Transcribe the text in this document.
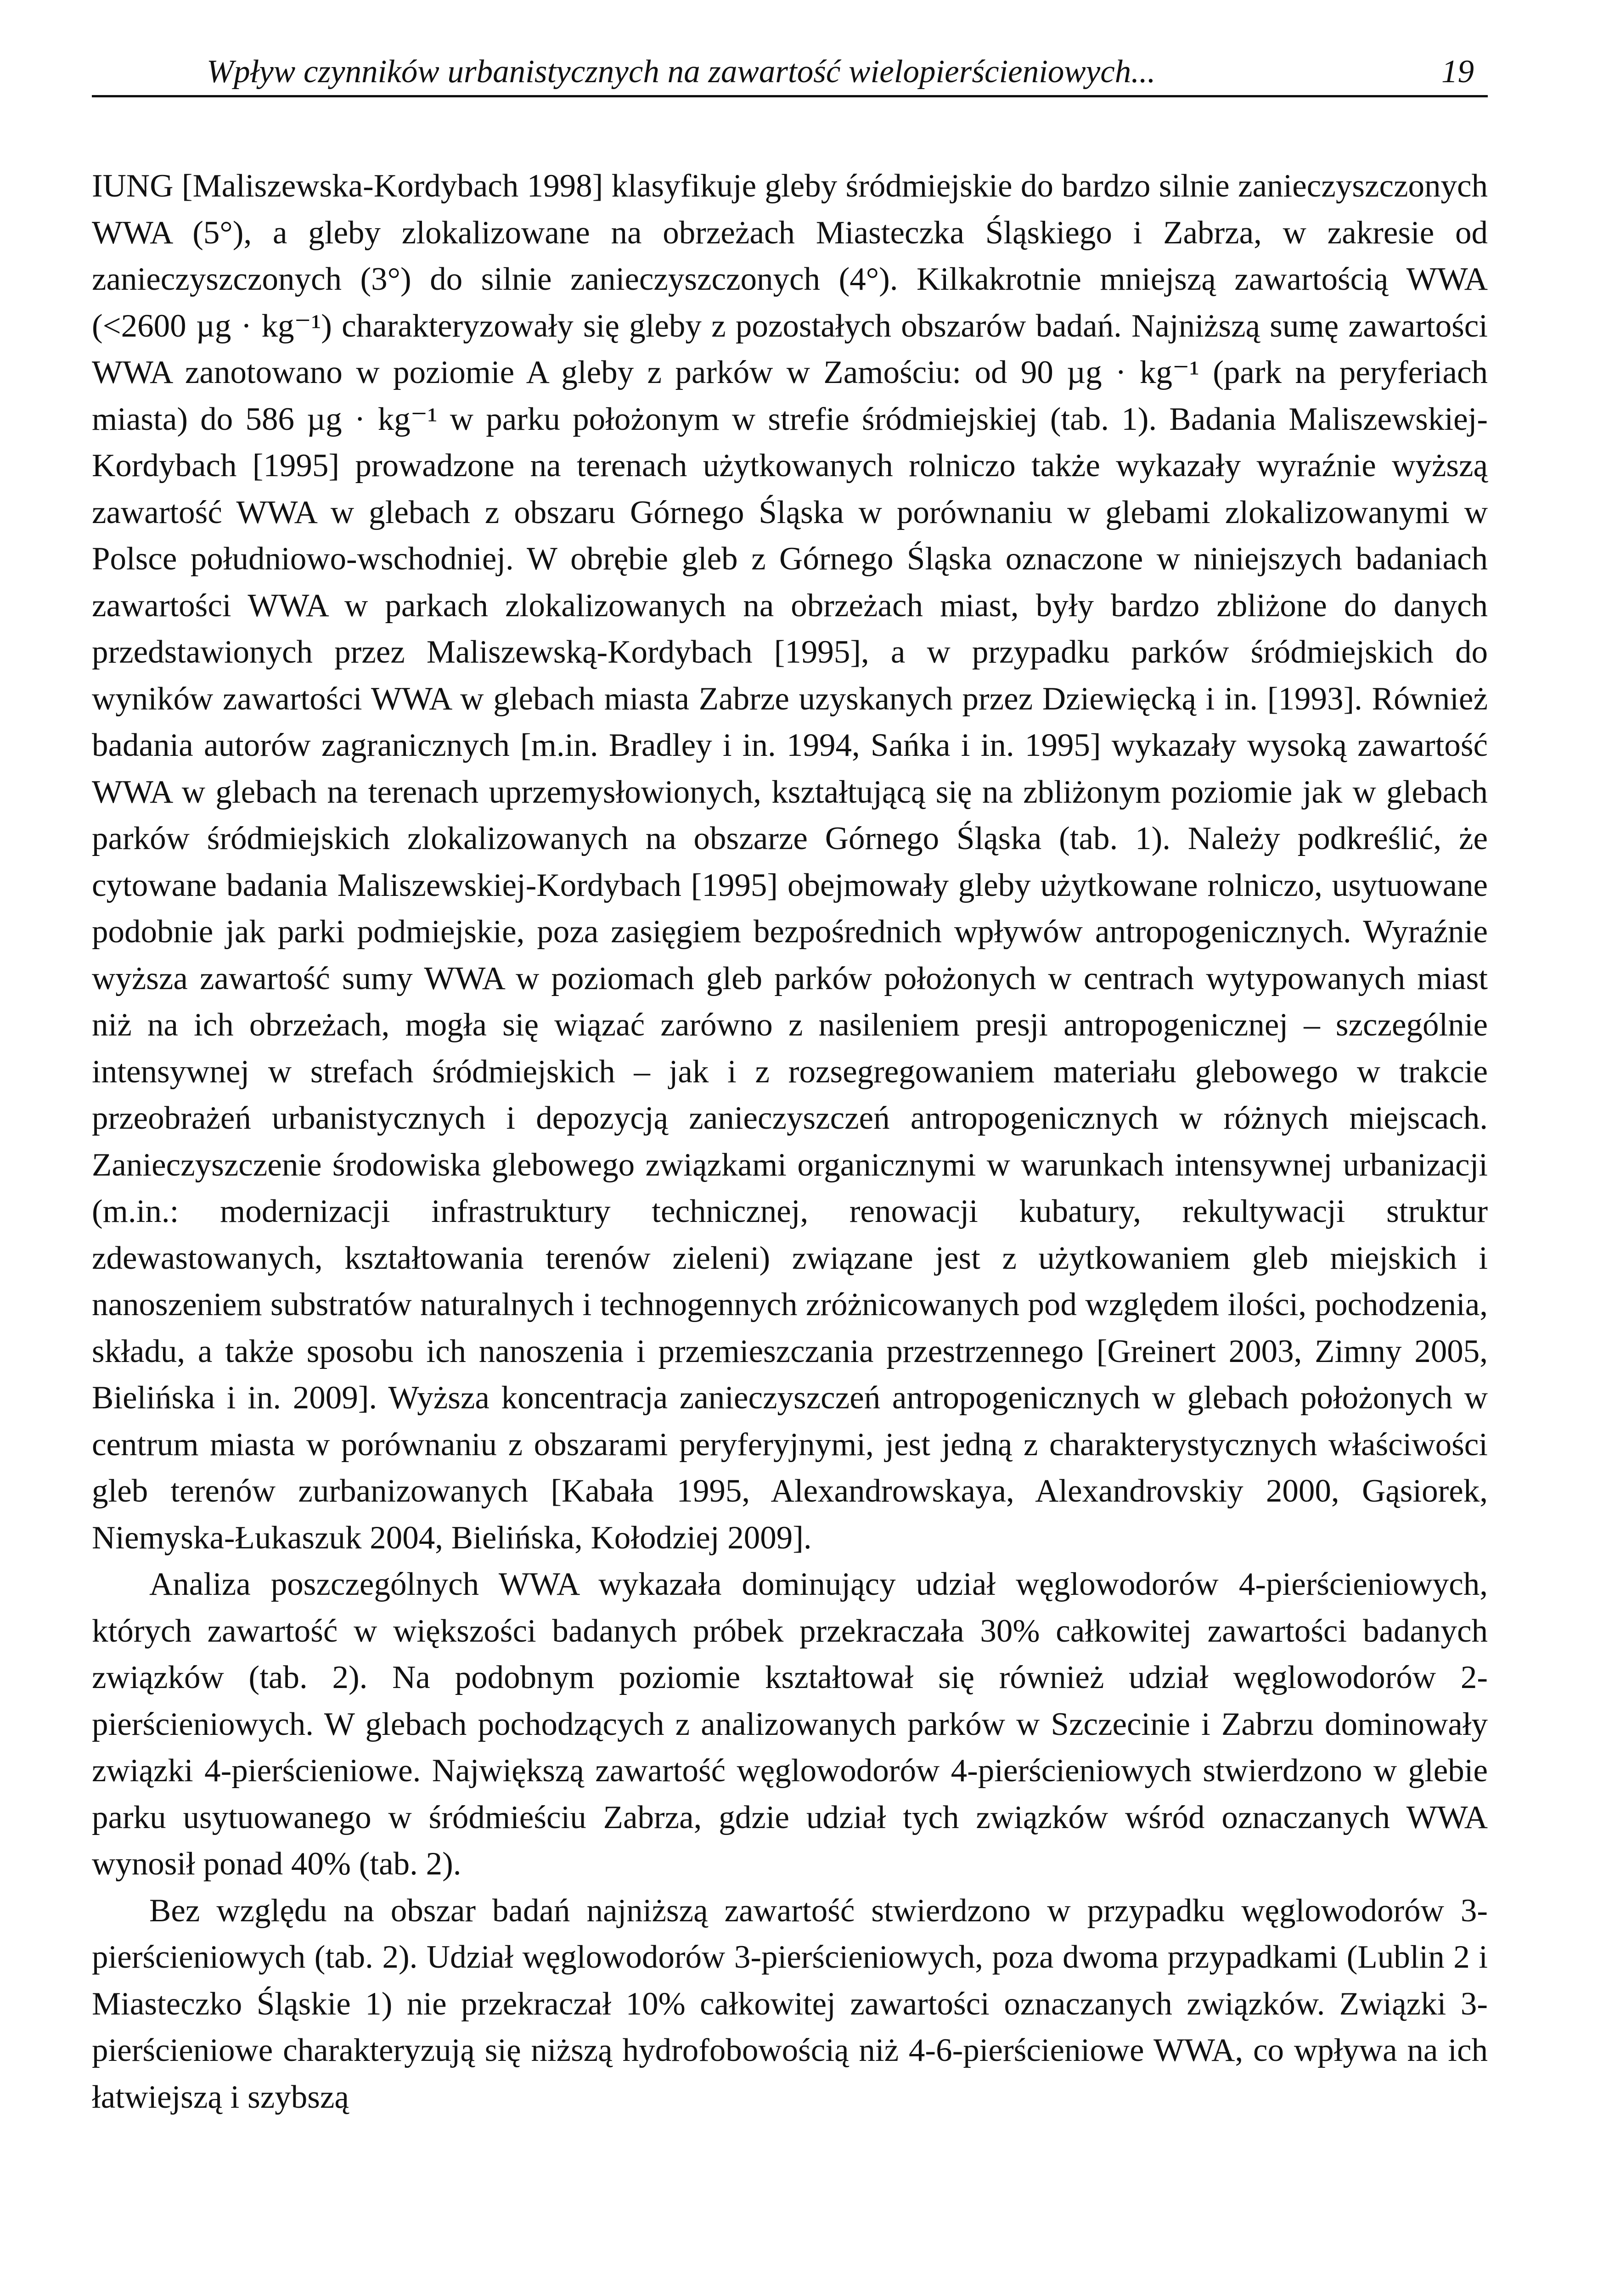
Wpływ czynników urbanistycznych na zawartość wielopierścieniowych...	19

IUNG [Maliszewska-Kordybach 1998] klasyfikuje gleby śródmiejskie do bardzo silnie zanieczyszczonych WWA (5°), a gleby zlokalizowane na obrzeżach Miasteczka Śląskiego i Zabrza, w zakresie od zanieczyszczonych (3°) do silnie zanieczyszczonych (4°). Kilkakrotnie mniejszą zawartością WWA (<2600 µg · kg⁻¹) charakteryzowały się gleby z pozostałych obszarów badań. Najniższą sumę zawartości WWA zanotowano w poziomie A gleby z parków w Zamościu: od 90 µg · kg⁻¹ (park na peryferiach miasta) do 586 µg · kg⁻¹ w parku położonym w strefie śródmiejskiej (tab. 1). Badania Maliszewskiej-Kordybach [1995] prowadzone na terenach użytkowanych rolniczo także wykazały wyraźnie wyższą zawartość WWA w glebach z obszaru Górnego Śląska w porównaniu w glebami zlokalizowanymi w Polsce południowo-wschodniej. W obrębie gleb z Górnego Śląska oznaczone w niniejszych badaniach zawartości WWA w parkach zlokalizowanych na obrzeżach miast, były bardzo zbliżone do danych przedstawionych przez Maliszewską-Kordybach [1995], a w przypadku parków śródmiejskich do wyników zawartości WWA w glebach miasta Zabrze uzyskanych przez Dziewięcką i in. [1993]. Również badania autorów zagranicznych [m.in. Bradley i in. 1994, Sańka i in. 1995] wykazały wysoką zawartość WWA w glebach na terenach uprzemysłowionych, kształtującą się na zbliżonym poziomie jak w glebach parków śródmiejskich zlokalizowanych na obszarze Górnego Śląska (tab. 1). Należy podkreślić, że cytowane badania Maliszewskiej-Kordybach [1995] obejmowały gleby użytkowane rolniczo, usytuowane podobnie jak parki podmiejskie, poza zasięgiem bezpośrednich wpływów antropogenicznych. Wyraźnie wyższa zawartość sumy WWA w poziomach gleb parków położonych w centrach wytypowanych miast niż na ich obrzeżach, mogła się wiązać zarówno z nasileniem presji antropogenicznej – szczególnie intensywnej w strefach śródmiejskich – jak i z rozsegregowaniem materiału glebowego w trakcie przeobrażeń urbanistycznych i depozycją zanieczyszczeń antropogenicznych w różnych miejscach. Zanieczyszczenie środowiska glebowego związkami organicznymi w warunkach intensywnej urbanizacji (m.in.: modernizacji infrastruktury technicznej, renowacji kubatury, rekultywacji struktur zdewastowanych, kształtowania terenów zieleni) związane jest z użytkowaniem gleb miejskich i nanoszeniem substratów naturalnych i technogennych zróżnicowanych pod względem ilości, pochodzenia, składu, a także sposobu ich nanoszenia i przemieszczania przestrzennego [Greinert 2003, Zimny 2005, Bielińska i in. 2009]. Wyższa koncentracja zanieczyszczeń antropogenicznych w glebach położonych w centrum miasta w porównaniu z obszarami peryferyjnymi, jest jedną z charakterystycznych właściwości gleb terenów zurbanizowanych [Kabała 1995, Alexandrowskaya, Alexandrovskiy 2000, Gąsiorek, Niemyska-Łukaszuk 2004, Bielińska, Kołodziej 2009].

Analiza poszczególnych WWA wykazała dominujący udział węglowodorów 4-pierścieniowych, których zawartość w większości badanych próbek przekraczała 30% całkowitej zawartości badanych związków (tab. 2). Na podobnym poziomie kształtował się również udział węglowodorów 2-pierścieniowych. W glebach pochodzących z analizowanych parków w Szczecinie i Zabrzu dominowały związki 4-pierścieniowe. Największą zawartość węglowodorów 4-pierścieniowych stwierdzono w glebie parku usytuowanego w śródmieściu Zabrza, gdzie udział tych związków wśród oznaczanych WWA wynosił ponad 40% (tab. 2).

Bez względu na obszar badań najniższą zawartość stwierdzono w przypadku węglowodorów 3-pierścieniowych (tab. 2). Udział węglowodorów 3-pierścieniowych, poza dwoma przypadkami (Lublin 2 i Miasteczko Śląskie 1) nie przekraczał 10% całkowitej zawartości oznaczanych związków. Związki 3-pierścieniowe charakteryzują się niższą hydrofobowością niż 4-6-pierścieniowe WWA, co wpływa na ich łatwiejszą i szybszą
